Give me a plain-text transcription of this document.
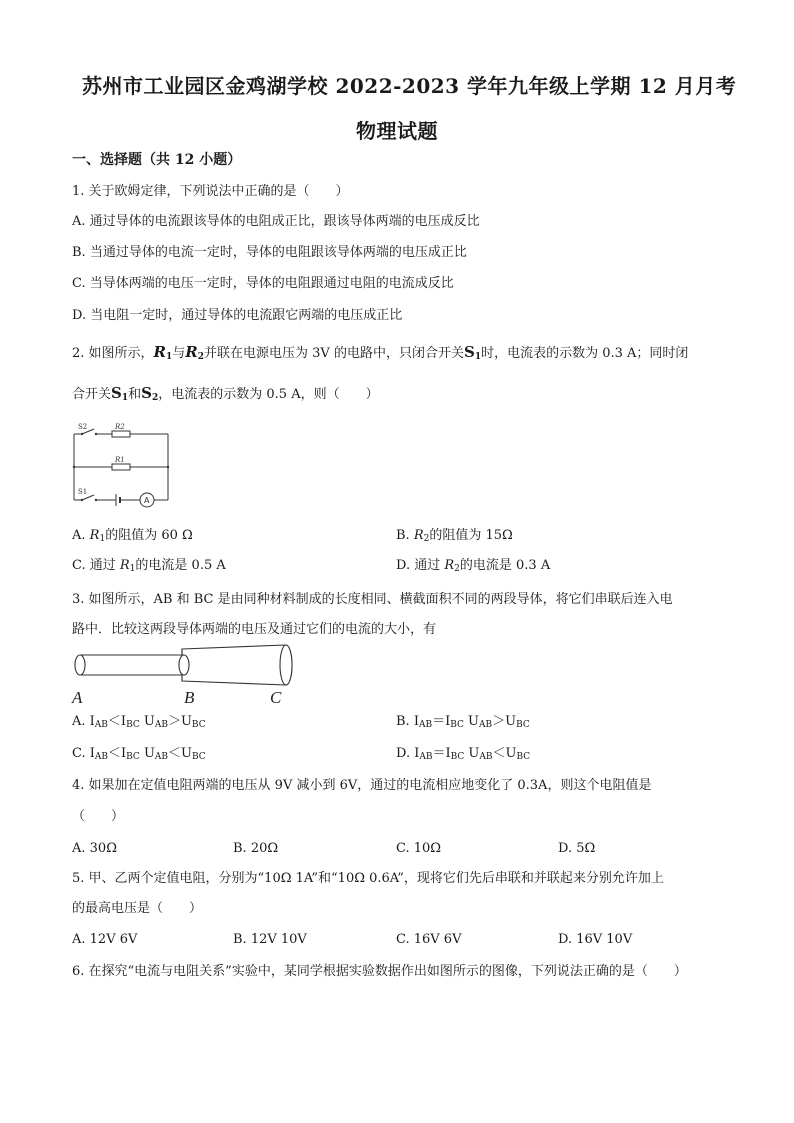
苏州市工业园区金鸡湖学校 2022-2023 学年九年级上学期 12 月月考
物理试题
一、选择题（共 12 小题）
1. 关于欧姆定律，下列说法中正确的是（　　）
A. 通过导体的电流跟该导体的电阻成正比，跟该导体两端的电压成反比
B. 当通过导体的电流一定时，导体的电阻跟该导体两端的电压成正比
C. 当导体两端的电压一定时，导体的电阻跟通过电阻的电流成反比
D. 当电阻一定时，通过导体的电流跟它两端的电压成正比
2. 如图所示，$R_1$与$R_2$并联在电源电压为 3V 的电路中，只闭合开关$S_1$时，电流表的示数为 0.3 A；同时闭
合开关$S_1$和$S_2$，电流表的示数为 0.5 A，则（　　）
S2	R2
R1
S1
A
A. $R_1$的阻值为 60 Ω	B. $R_2$的阻值为 15Ω
C. 通过 $R_1$的电流是 0.5 A	D. 通过 $R_2$的电流是 0.3 A
3. 如图所示，AB 和 BC 是由同种材料制成的长度相同、横截面积不同的两段导体，将它们串联后连入电
路中．比较这两段导体两端的电压及通过它们的电流的大小，有
A	B	C
A. $I_{AB}<I_{BC}$ $U_{AB}>U_{BC}$	B. $I_{AB}=I_{BC}$ $U_{AB}>U_{BC}$
C. $I_{AB}<I_{BC}$ $U_{AB}<U_{BC}$	D. $I_{AB}=I_{BC}$ $U_{AB}<U_{BC}$
4. 如果加在定值电阻两端的电压从 9V 减小到 6V，通过的电流相应地变化了 0.3A，则这个电阻值是
（　　）
A. 30Ω	B. 20Ω	C. 10Ω	D. 5Ω
5. 甲、乙两个定值电阻，分别为“10Ω 1A”和“10Ω 0.6A”，现将它们先后串联和并联起来分别允许加上
的最高电压是（　　）
A. 12V 6V	B. 12V 10V	C. 16V 6V	D. 16V 10V
6. 在探究“电流与电阻关系”实验中，某同学根据实验数据作出如图所示的图像，下列说法正确的是（　　）
